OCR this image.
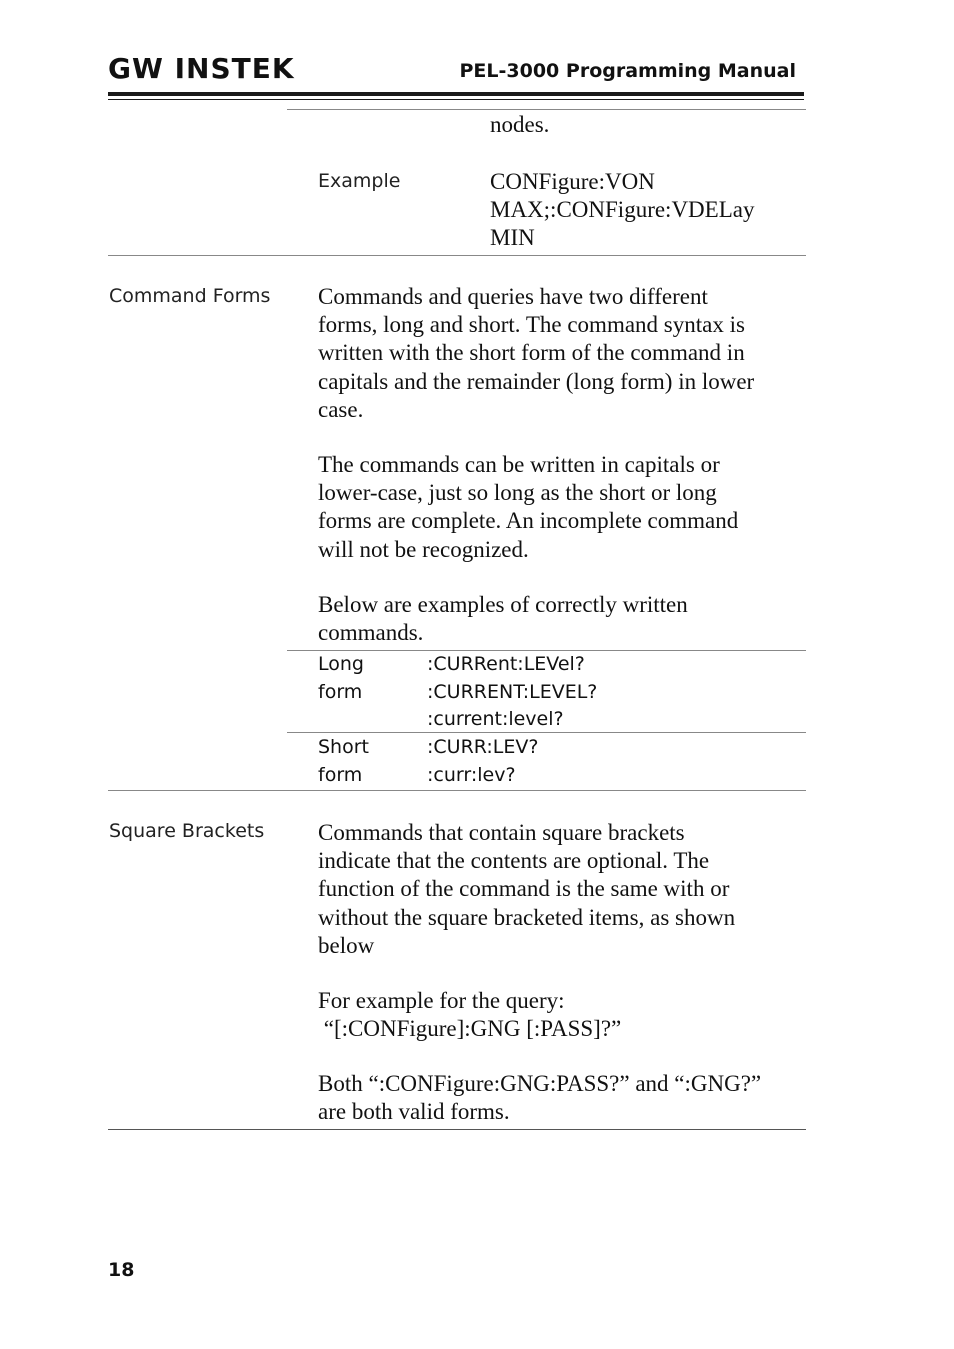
GW INSTEK	PEL-3000 Programming Manual
nodes.
Example	CONFigure:VON
MAX;:CONFigure:VDELay
MIN
Command Forms Commands and queries have two different
forms, long and short. The command syntax is
written with the short form of the command in
capitals and the remainder (long form) in lower
case.
The commands can be written in capitals or
lower-case, just so long as the short or long
forms are complete. An incomplete command
will not be recognized.
Below are examples of correctly written
commands.
Long
form
:CURRent:LEVel?
:CURRENT:LEVEL?
:current:level?
Short
form
:CURR:LEV?
:curr:lev?
Square Brackets Commands that contain square brackets
indicate that the contents are optional. The
function of the command is the same with or
without the square bracketed items, as shown
below
For example for the query:
“[:CONFigure]:GNG [:PASS]?”
Both “:CONFigure:GNG:PASS?” and “:GNG?”
are both valid forms.
18
